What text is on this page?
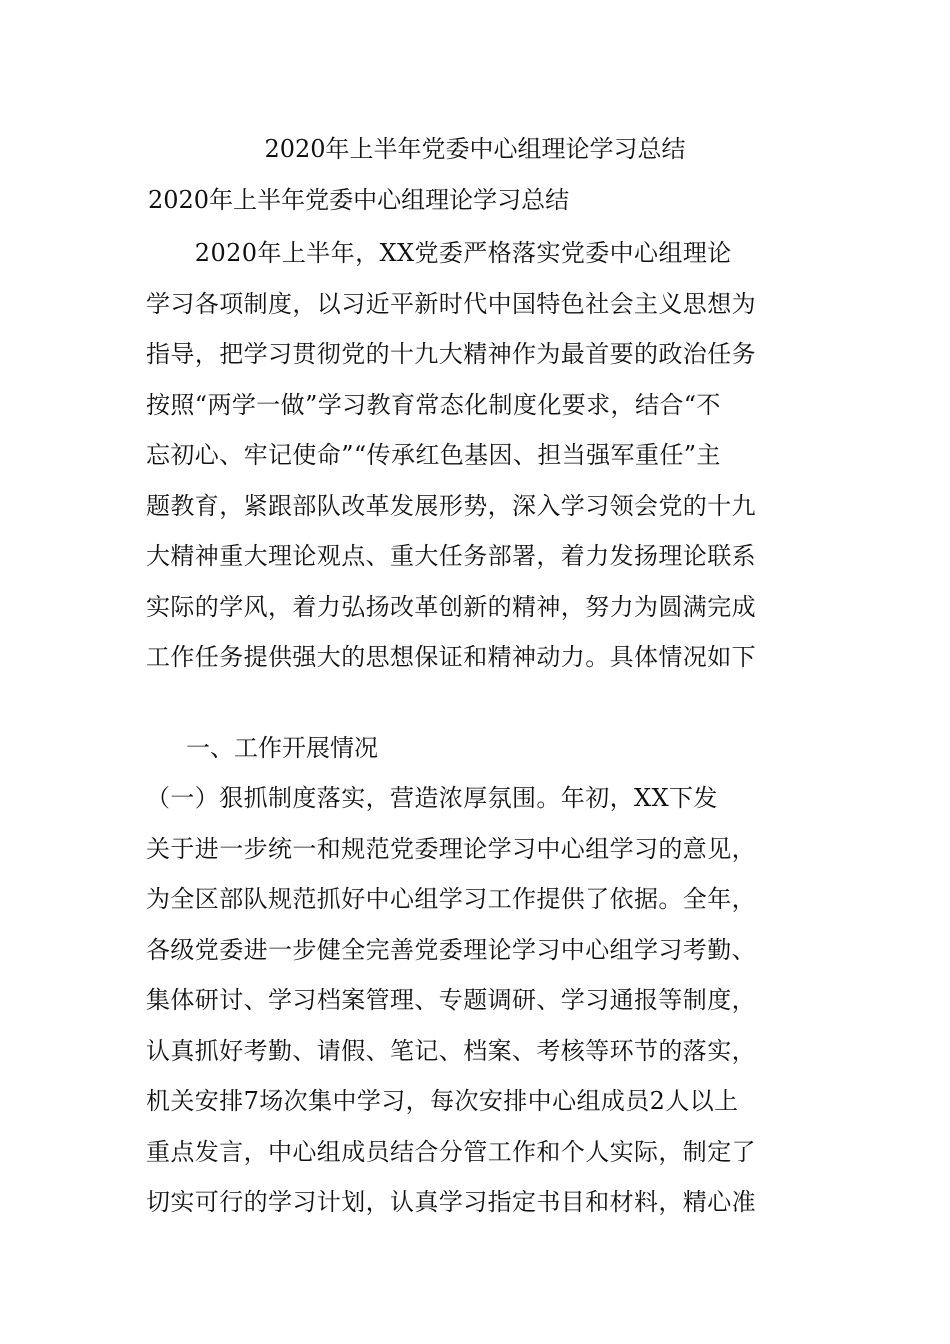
2020年上半年党委中心组理论学习总结
2020年上半年党委中心组理论学习总结
　　2020年上半年，XX党委严格落实党委中心组理论
学习各项制度，以习近平新时代中国特色社会主义思想为
指导，把学习贯彻党的十九大精神作为最首要的政治任务
按照“两学一做”学习教育常态化制度化要求，结合“不
忘初心、牢记使命”“传承红色基因、担当强军重任”主
题教育，紧跟部队改革发展形势，深入学习领会党的十九
大精神重大理论观点、重大任务部署，着力发扬理论联系
实际的学风，着力弘扬改革创新的精神，努力为圆满完成
工作任务提供强大的思想保证和精神动力。具体情况如下
一、工作开展情况
（一）狠抓制度落实，营造浓厚氛围。年初，XX下发
关于进一步统一和规范党委理论学习中心组学习的意见，
为全区部队规范抓好中心组学习工作提供了依据。全年，
各级党委进一步健全完善党委理论学习中心组学习考勤、
集体研讨、学习档案管理、专题调研、学习通报等制度，
认真抓好考勤、请假、笔记、档案、考核等环节的落实，
机关安排7场次集中学习，每次安排中心组成员2人以上
重点发言，中心组成员结合分管工作和个人实际，制定了
切实可行的学习计划，认真学习指定书目和材料，精心准
